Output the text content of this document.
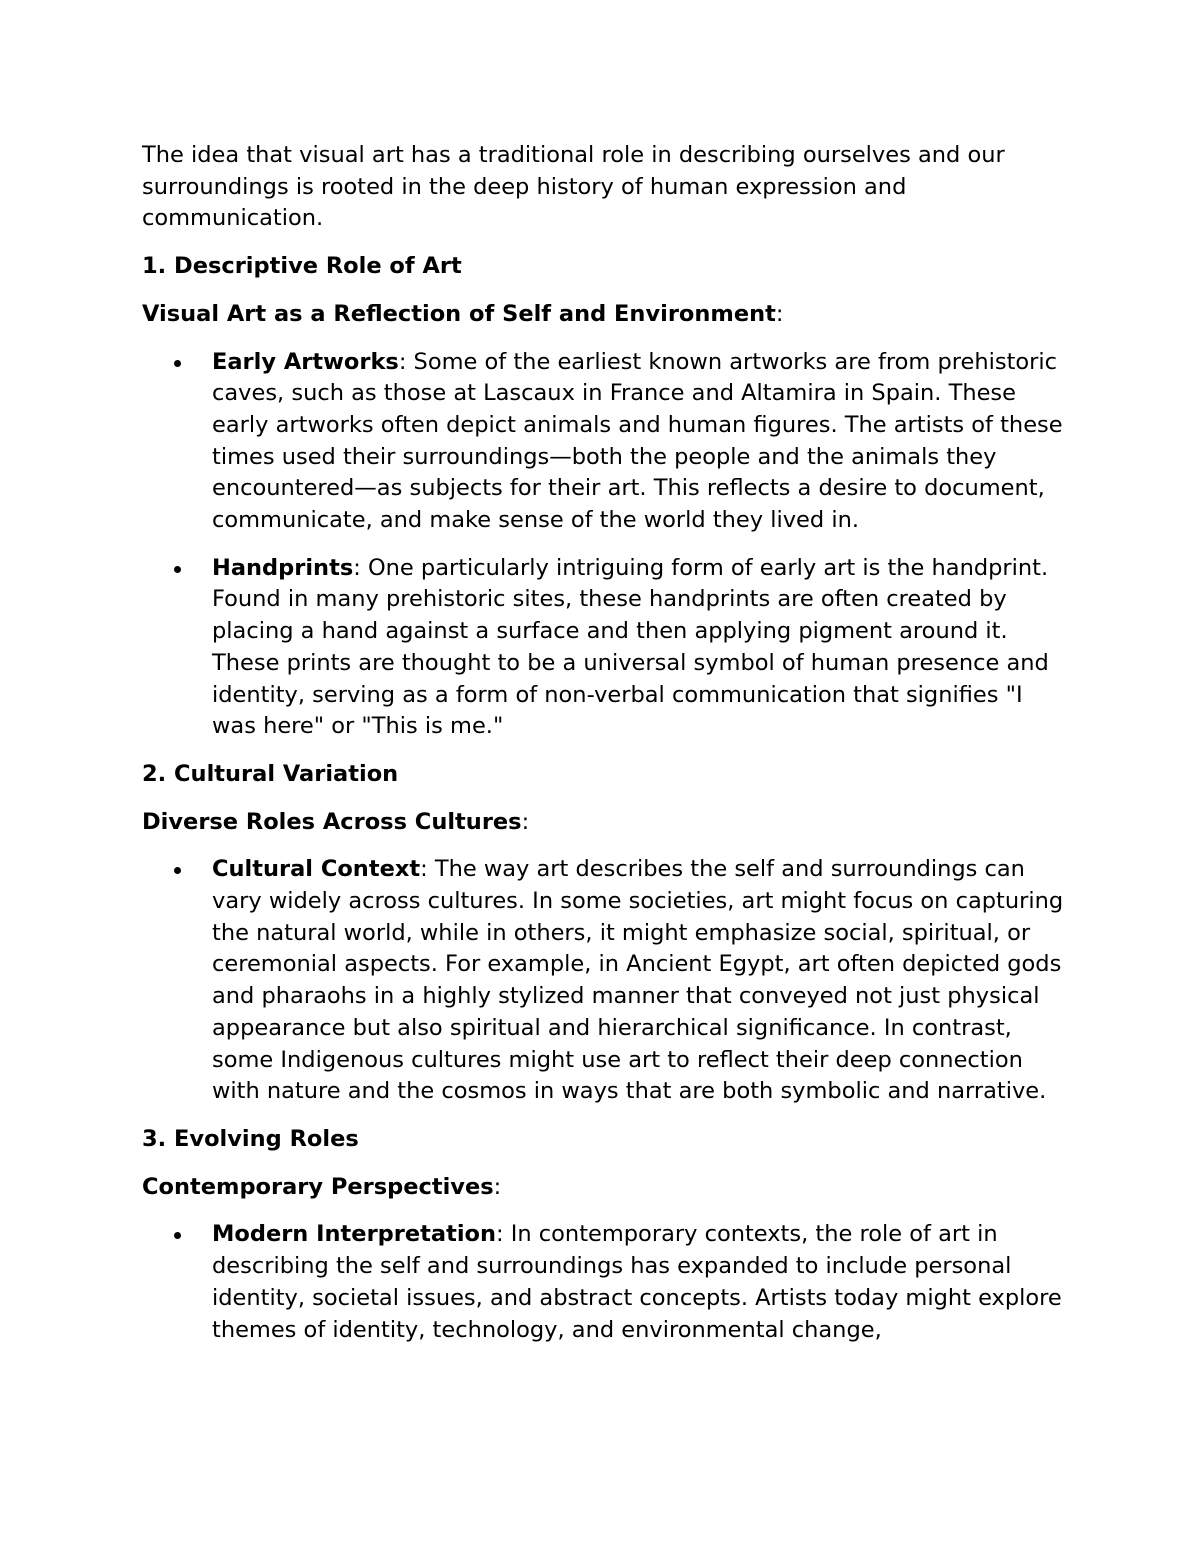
The idea that visual art has a traditional role in describing ourselves and our surroundings is rooted in the deep history of human expression and communication.

1. Descriptive Role of Art

Visual Art as a Reflection of Self and Environment:

Early Artworks: Some of the earliest known artworks are from prehistoric caves, such as those at Lascaux in France and Altamira in Spain. These early artworks often depict animals and human figures. The artists of these times used their surroundings—both the people and the animals they encountered—as subjects for their art. This reflects a desire to document, communicate, and make sense of the world they lived in.
Handprints: One particularly intriguing form of early art is the handprint. Found in many prehistoric sites, these handprints are often created by placing a hand against a surface and then applying pigment around it. These prints are thought to be a universal symbol of human presence and identity, serving as a form of non-verbal communication that signifies "I was here" or "This is me."

2. Cultural Variation

Diverse Roles Across Cultures:

Cultural Context: The way art describes the self and surroundings can vary widely across cultures. In some societies, art might focus on capturing the natural world, while in others, it might emphasize social, spiritual, or ceremonial aspects. For example, in Ancient Egypt, art often depicted gods and pharaohs in a highly stylized manner that conveyed not just physical appearance but also spiritual and hierarchical significance. In contrast, some Indigenous cultures might use art to reflect their deep connection with nature and the cosmos in ways that are both symbolic and narrative.

3. Evolving Roles

Contemporary Perspectives:

Modern Interpretation: In contemporary contexts, the role of art in describing the self and surroundings has expanded to include personal identity, societal issues, and abstract concepts. Artists today might explore themes of identity, technology, and environmental change,
